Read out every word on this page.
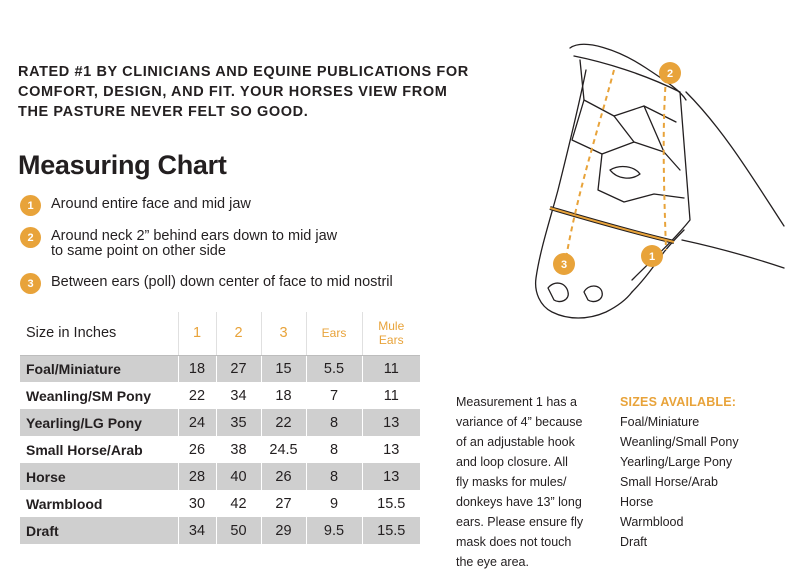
RATED #1 BY CLINICIANS AND EQUINE PUBLICATIONS FOR
COMFORT, DESIGN, AND FIT. YOUR HORSES VIEW FROM
THE PASTURE NEVER FELT SO GOOD.
Measuring Chart
1	Around entire face and mid jaw
2	Around neck 2” behind ears down to mid jaw
to same point on other side
3	Between ears (poll) down center of face to mid nostril
Size in Inches	1	2	3	Ears	Mule
Ears

Foal/Miniature	18	27	15	5.5	11
Weanling/SM Pony	22	34	18	7	11
Yearling/LG Pony	24	35	22	8	13
Small Horse/Arab	26	38	24.5	8	13
Horse	28	40	26	8	13
Warmblood	30	42	27	9	15.5
Draft	34	50	29	9.5	15.5
Measurement 1 has a
variance of 4” because
of an adjustable hook
and loop closure. All
fly masks for mules/
donkeys have 13” long
ears. Please ensure fly
mask does not touch
the eye area.
SIZES AVAILABLE:
Foal/Miniature
Weanling/Small Pony
Yearling/Large Pony
Small Horse/Arab
Horse
Warmblood
Draft
1
2
3
